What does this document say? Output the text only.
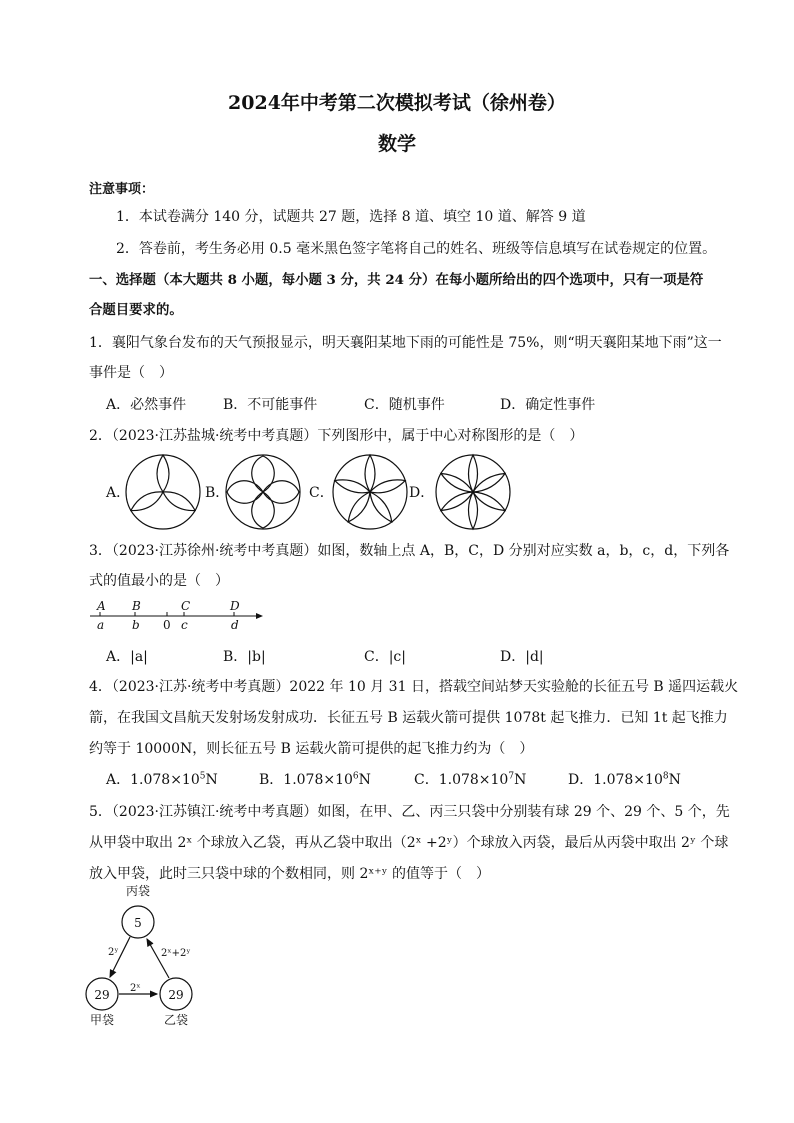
2024年中考第二次模拟考试（徐州卷）
数学
注意事项：
1．本试卷满分 140 分，试题共 27 题，选择 8 道、填空 10 道、解答 9 道
2．答卷前，考生务必用 0.5 毫米黑色签字笔将自己的姓名、班级等信息填写在试卷规定的位置。
一、选择题（本大题共 8 小题，每小题 3 分，共 24 分）在每小题所给出的四个选项中，只有一项是符
合题目要求的。
1．襄阳气象台发布的天气预报显示，明天襄阳某地下雨的可能性是 75%，则“明天襄阳某地下雨”这一
事件是（　）
A．必然事件	B．不可能事件	C．随机事件	D．确定性事件
2．（2023·江苏盐城·统考中考真题）下列图形中，属于中心对称图形的是（　）
A．	B．	C．	D．
3．（2023·江苏徐州·统考中考真题）如图，数轴上点 A，B，C，D 分别对应实数 a，b，c，d，下列各
式的值最小的是（　）
A B	C	D
a b	c	d
0
A．|a|	B．|b|	C．|c|	D．|d|
4．（2023·江苏·统考中考真题）2022 年 10 月 31 日，搭载空间站梦天实验舱的长征五号 B 遥四运载火
箭，在我国文昌航天发射场发射成功．长征五号 B 运载火箭可提供 1078t 起飞推力．已知 1t 起飞推力
约等于 10000N，则长征五号 B 运载火箭可提供的起飞推力约为（　）
A．$1.078\times 10^5N$	B．$1.078\times 10^6N$	C．$1.078\times 10^7N$	D．$1.078\times 10^8N$
5．（2023·江苏镇江·统考中考真题）如图，在甲、乙、丙三只袋中分别装有球 29 个、29 个、5 个，先
从甲袋中取出 2ˣ 个球放入乙袋，再从乙袋中取出（2ˣ +2ʸ）个球放入丙袋，最后从丙袋中取出 2ʸ 个球
放入甲袋，此时三只袋中球的个数相同，则 2ˣ⁺ʸ 的值等于（　）
丙袋
甲袋	乙袋
5
29	29
2ʸ
2ˣ
2ˣ+2ʸ
